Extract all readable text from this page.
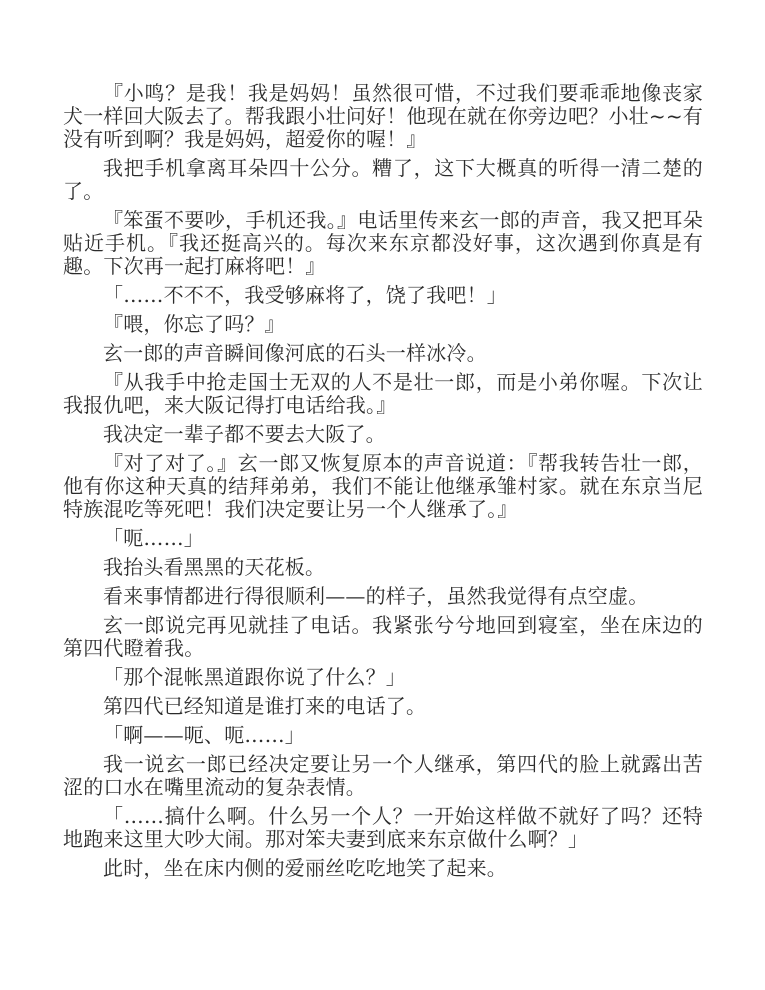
『小鸣？是我！我是妈妈！虽然很可惜，不过我们要乖乖地像丧家犬一样回大阪去了。帮我跟小壮问好！他现在就在你旁边吧？小壮~~有没有听到啊？我是妈妈，超爱你的喔！』

我把手机拿离耳朵四十公分。糟了，这下大概真的听得一清二楚的了。

『笨蛋不要吵，手机还我。』电话里传来玄一郎的声音，我又把耳朵贴近手机。『我还挺高兴的。每次来东京都没好事，这次遇到你真是有趣。下次再一起打麻将吧！』

「……不不不，我受够麻将了，饶了我吧！」

『喂，你忘了吗？』

玄一郎的声音瞬间像河底的石头一样冰冷。

『从我手中抢走国士无双的人不是壮一郎，而是小弟你喔。下次让我报仇吧，来大阪记得打电话给我。』

我决定一辈子都不要去大阪了。

『对了对了。』玄一郎又恢复原本的声音说道：『帮我转告壮一郎，他有你这种天真的结拜弟弟，我们不能让他继承雏村家。就在东京当尼特族混吃等死吧！我们决定要让另一个人继承了。』

「呃……」

我抬头看黑黑的天花板。

看来事情都进行得很顺利——的样子，虽然我觉得有点空虚。

玄一郎说完再见就挂了电话。我紧张兮兮地回到寝室，坐在床边的第四代瞪着我。

「那个混帐黑道跟你说了什么？」

第四代已经知道是谁打来的电话了。

「啊——呃、呃……」

我一说玄一郎已经决定要让另一个人继承，第四代的脸上就露出苦涩的口水在嘴里流动的复杂表情。

「……搞什么啊。什么另一个人？一开始这样做不就好了吗？还特地跑来这里大吵大闹。那对笨夫妻到底来东京做什么啊？」

此时，坐在床内侧的爱丽丝吃吃地笑了起来。
